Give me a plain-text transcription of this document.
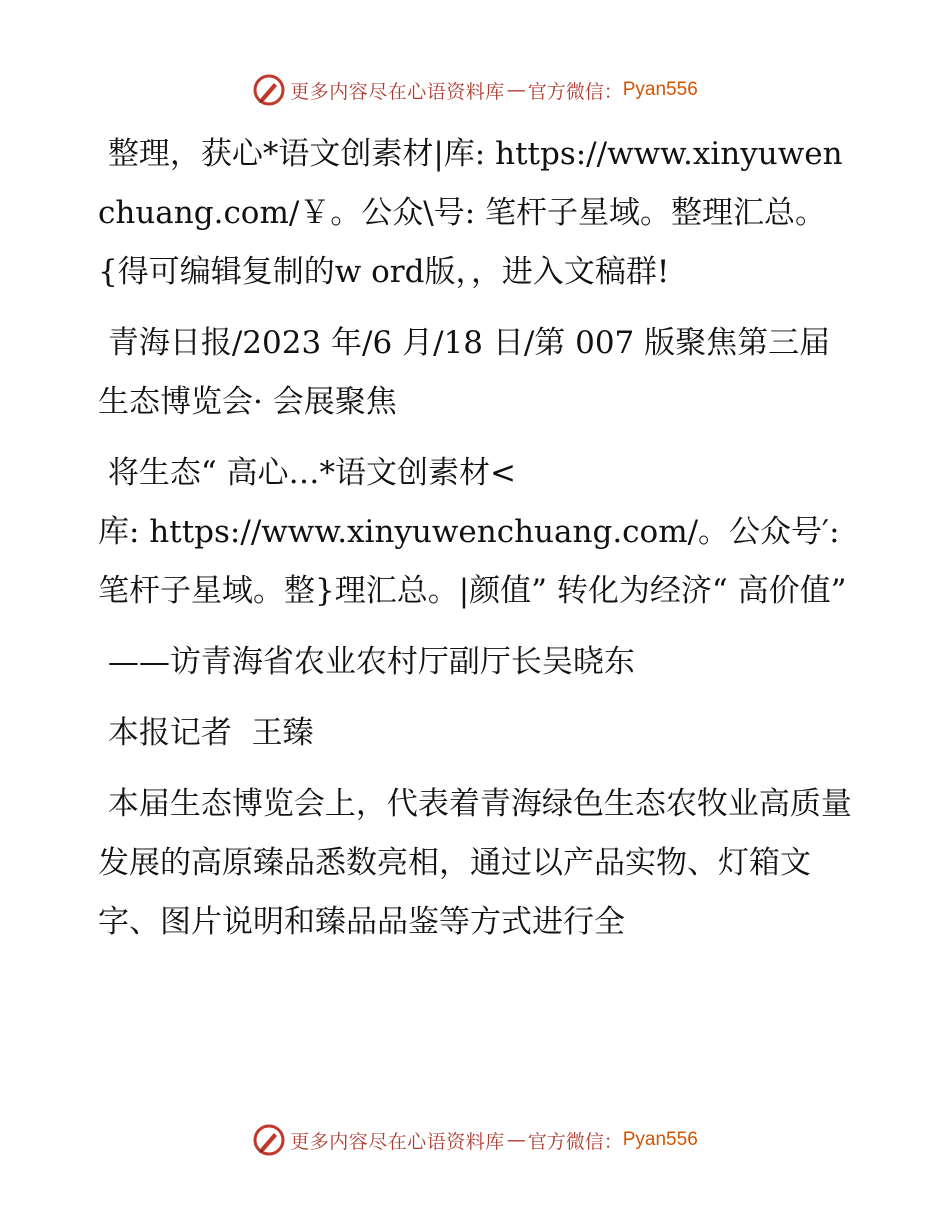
更多内容尽在心语资料库 — 官方微信： Pyan556

整理，获心*语文创素材|库: https://www.xinyuwenchuang.com/￥。公众\号: 笔杆子星域。整理汇总。{得可编辑复制的w ord版，，进入文稿群!

青海日报/2023 年/6 月/18 日/第 007 版聚焦第三届生态博览会· 会展聚焦

将生态“ 高心…*语文创素材<
库: https://www.xinyuwenchuang.com/。公众号′: 笔杆子星域。整}理汇总。|颜值” 转化为经济“ 高价值”

——访青海省农业农村厅副厅长吴晓东

本报记者  王臻

本届生态博览会上，代表着青海绿色生态农牧业高质量发展的高原臻品悉数亮相，通过以产品实物、灯箱文字、图片说明和臻品品鉴等方式进行全

更多内容尽在心语资料库 — 官方微信： Pyan556
